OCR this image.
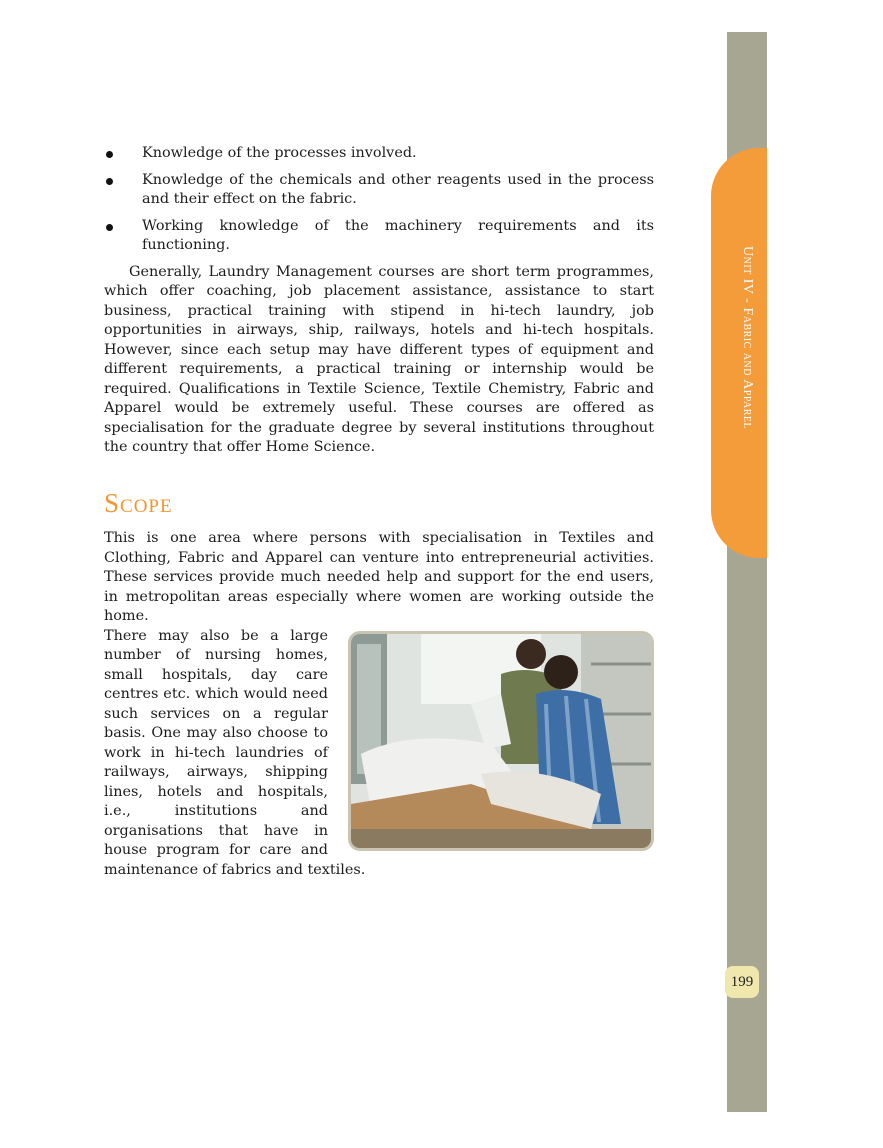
Unit IV - Fabric and Apparel
199
Knowledge of the processes involved.
Knowledge of the chemicals and other reagents used in the process and their effect on the fabric.
Working knowledge of the machinery requirements and its functioning.

Generally, Laundry Management courses are short term programmes, which offer coaching, job placement assistance, assistance to start business, practical training with stipend in hi-tech laundry, job opportunities in airways, ship, railways, hotels and hi-tech hospitals. However, since each setup may have different types of equipment and different requirements, a practical training or internship would be required. Qualifications in Textile Science, Textile Chemistry, Fabric and Apparel would be extremely useful. These courses are offered as specialisation for the graduate degree by several institutions throughout the country that offer Home Science.

Scope

This is one area where persons with specialisation in Textiles and Clothing, Fabric and Apparel can venture into entrepreneurial activities. These services provide much needed help and support for the end users, in metropolitan areas especially where women are working outside the home.

There may also be a large number of nursing homes, small hospitals, day care centres etc. which would need such services on a regular basis. One may also choose to work in hi-tech laundries of railways, airways, shipping lines, hotels and hospitals, i.e., institutions and organisations that have in house program for care and maintenance of fabrics and textiles.
